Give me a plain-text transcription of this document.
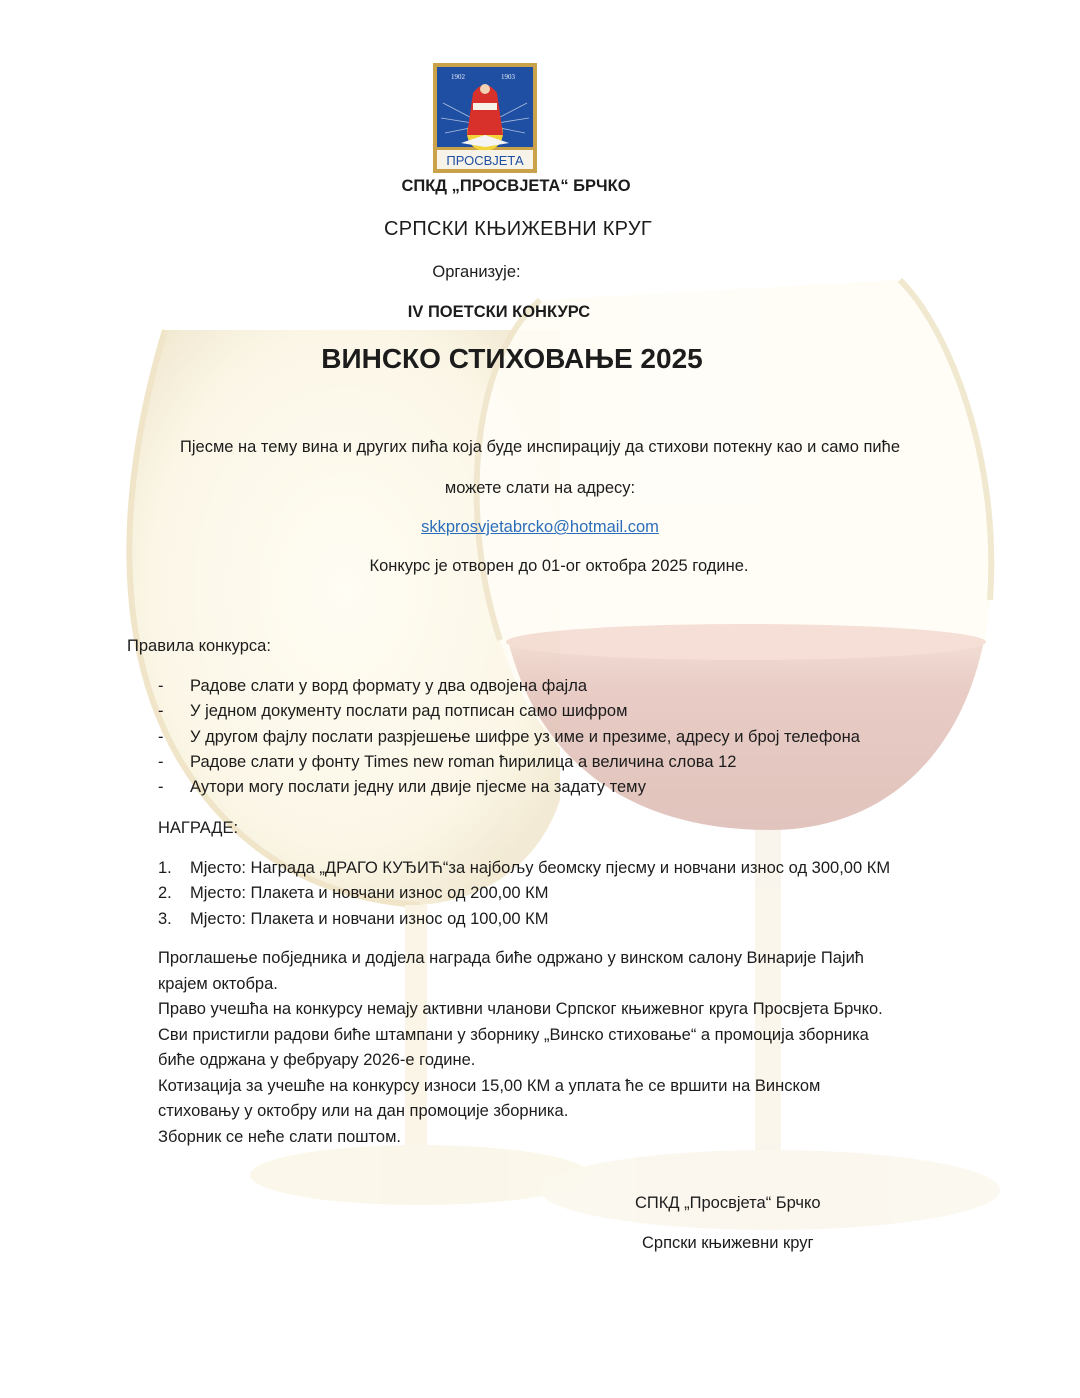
1902	1903
ПРОСВЈЕТА
СПКД „ПРОСВЈЕТА“ БРЧКО
СРПСКИ КЊИЖЕВНИ КРУГ
Организује:
IV ПОЕТСКИ КОНКУРС
ВИНСКО СТИХОВАЊЕ 2025
Пјесме на тему вина и других пића која буде инспирацију да стихови потекну као и само пиће
можете слати на адресу:
skkprosvjetabrcko@hotmail.com
Конкурс је отворен до 01-ог октобра 2025 године.
Правила конкурса:
- Радове слати у ворд формату у два одвојена фајла
- У једном документу послати рад потписан само шифром
- У другом фајлу послати разрјешење шифре уз име и презиме, адресу и број телефона
- Радове слати у фонту Times new roman ћирилица а величина слова 12
- Аутори могу послати једну или двије пјесме на задату тему
НАГРАДЕ:
1. Мјесто: Награда „ДРАГО КУЂИЋ“за најбољу беомску пјесму и новчани износ од 300,00 КМ
2. Мјесто: Плакета и новчани износ од 200,00 КМ
3. Мјесто: Плакета и новчани износ од 100,00 КМ
Проглашење побједника и додјела награда биће одржано у винском салону Винарије Пајић
крајем октобра.
Право учешћа на конкурсу немају активни чланови Српског књижевног круга Просвјета Брчко.
Сви пристигли радови биће штампани у зборнику „Винско стиховање“ а промоција зборника
биће одржана у фебруару 2026-е године.
Котизација за учешће на конкурсу износи 15,00 КМ а уплата ће се вршити на Винском
стиховању у октобру или на дан промоције зборника.
Зборник се неће слати поштом.
СПКД „Просвјета“ Брчко
Српски књижевни круг
